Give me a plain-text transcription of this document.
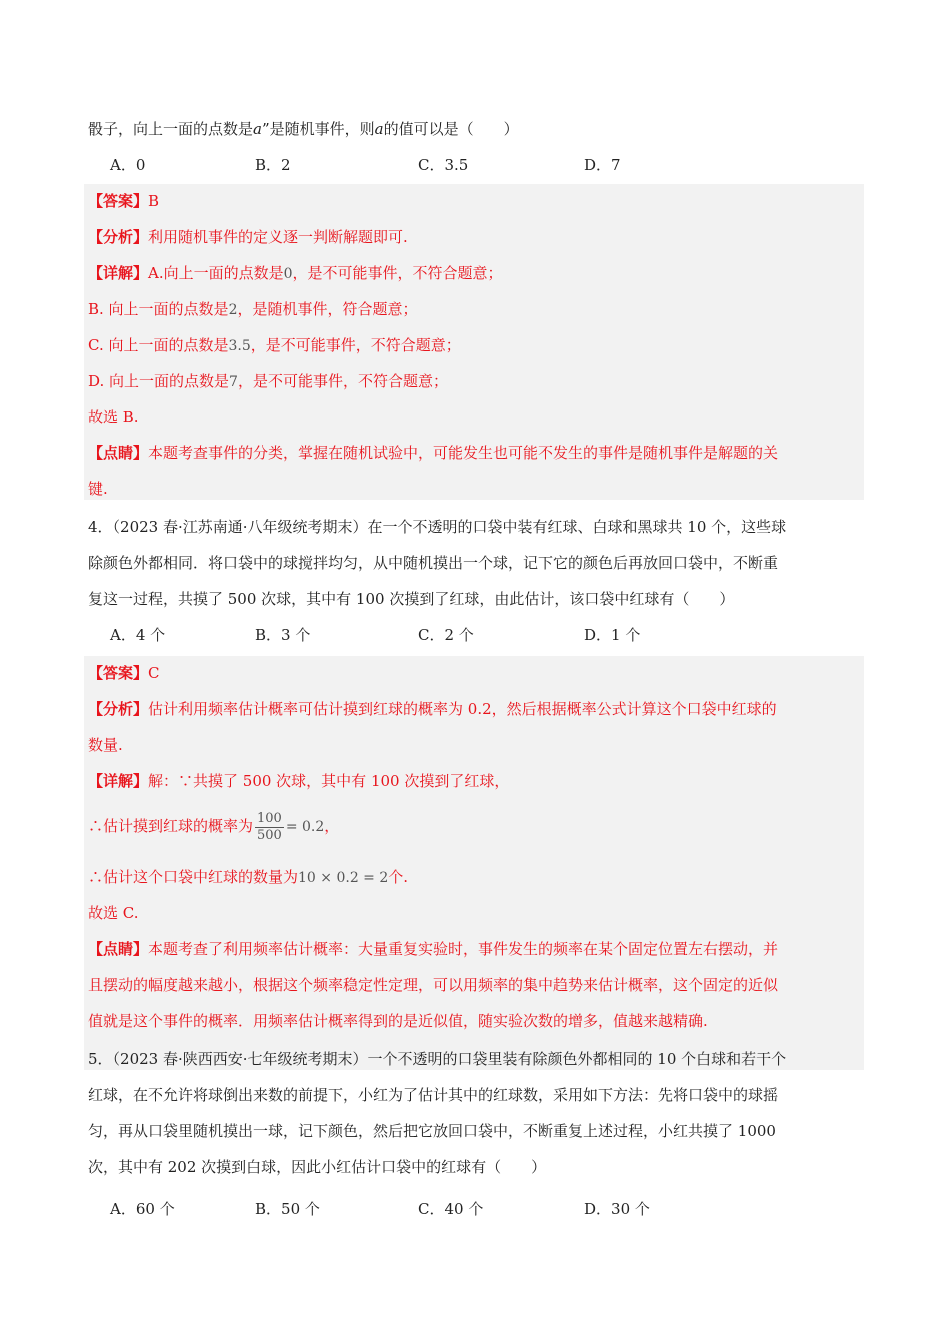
骰子，向上一面的点数是a”是随机事件，则a的值可以是（　　）
A．0	B．2	C．3.5	D．7
【答案】B
【分析】利用随机事件的定义逐一判断解题即可.
【详解】A.向上一面的点数是0，是不可能事件，不符合题意；
B. 向上一面的点数是2，是随机事件，符合题意；
C. 向上一面的点数是3.5，是不可能事件，不符合题意；
D. 向上一面的点数是7，是不可能事件，不符合题意；
故选 B.
【点睛】本题考查事件的分类，掌握在随机试验中，可能发生也可能不发生的事件是随机事件是解题的关
键.
4．（2023 春·江苏南通·八年级统考期末）在一个不透明的口袋中装有红球、白球和黑球共 10 个，这些球
除颜色外都相同．将口袋中的球搅拌均匀，从中随机摸出一个球，记下它的颜色后再放回口袋中，不断重
复这一过程，共摸了 500 次球，其中有 100 次摸到了红球，由此估计，该口袋中红球有（　　）
A．4 个	B．3 个	C．2 个	D．1 个
【答案】C
【分析】估计利用频率估计概率可估计摸到红球的概率为 0.2，然后根据概率公式计算这个口袋中红球的
数量.
【详解】解：∵共摸了 500 次球，其中有 100 次摸到了红球，
∴估计摸到红球的概率为 $\frac{100}{500} = 0.2$，
∴估计这个口袋中红球的数量为10 × 0.2 = 2个.
故选 C.
【点睛】本题考查了利用频率估计概率：大量重复实验时，事件发生的频率在某个固定位置左右摆动，并
且摆动的幅度越来越小，根据这个频率稳定性定理，可以用频率的集中趋势来估计概率，这个固定的近似
值就是这个事件的概率．用频率估计概率得到的是近似值，随实验次数的增多，值越来越精确.
5．（2023 春·陕西西安·七年级统考期末）一个不透明的口袋里装有除颜色外都相同的 10 个白球和若干个
红球，在不允许将球倒出来数的前提下，小红为了估计其中的红球数，采用如下方法：先将口袋中的球摇
匀，再从口袋里随机摸出一球，记下颜色，然后把它放回口袋中，不断重复上述过程，小红共摸了 1000
次，其中有 202 次摸到白球，因此小红估计口袋中的红球有（　　）
A．60 个	B．50 个	C．40 个	D．30 个
